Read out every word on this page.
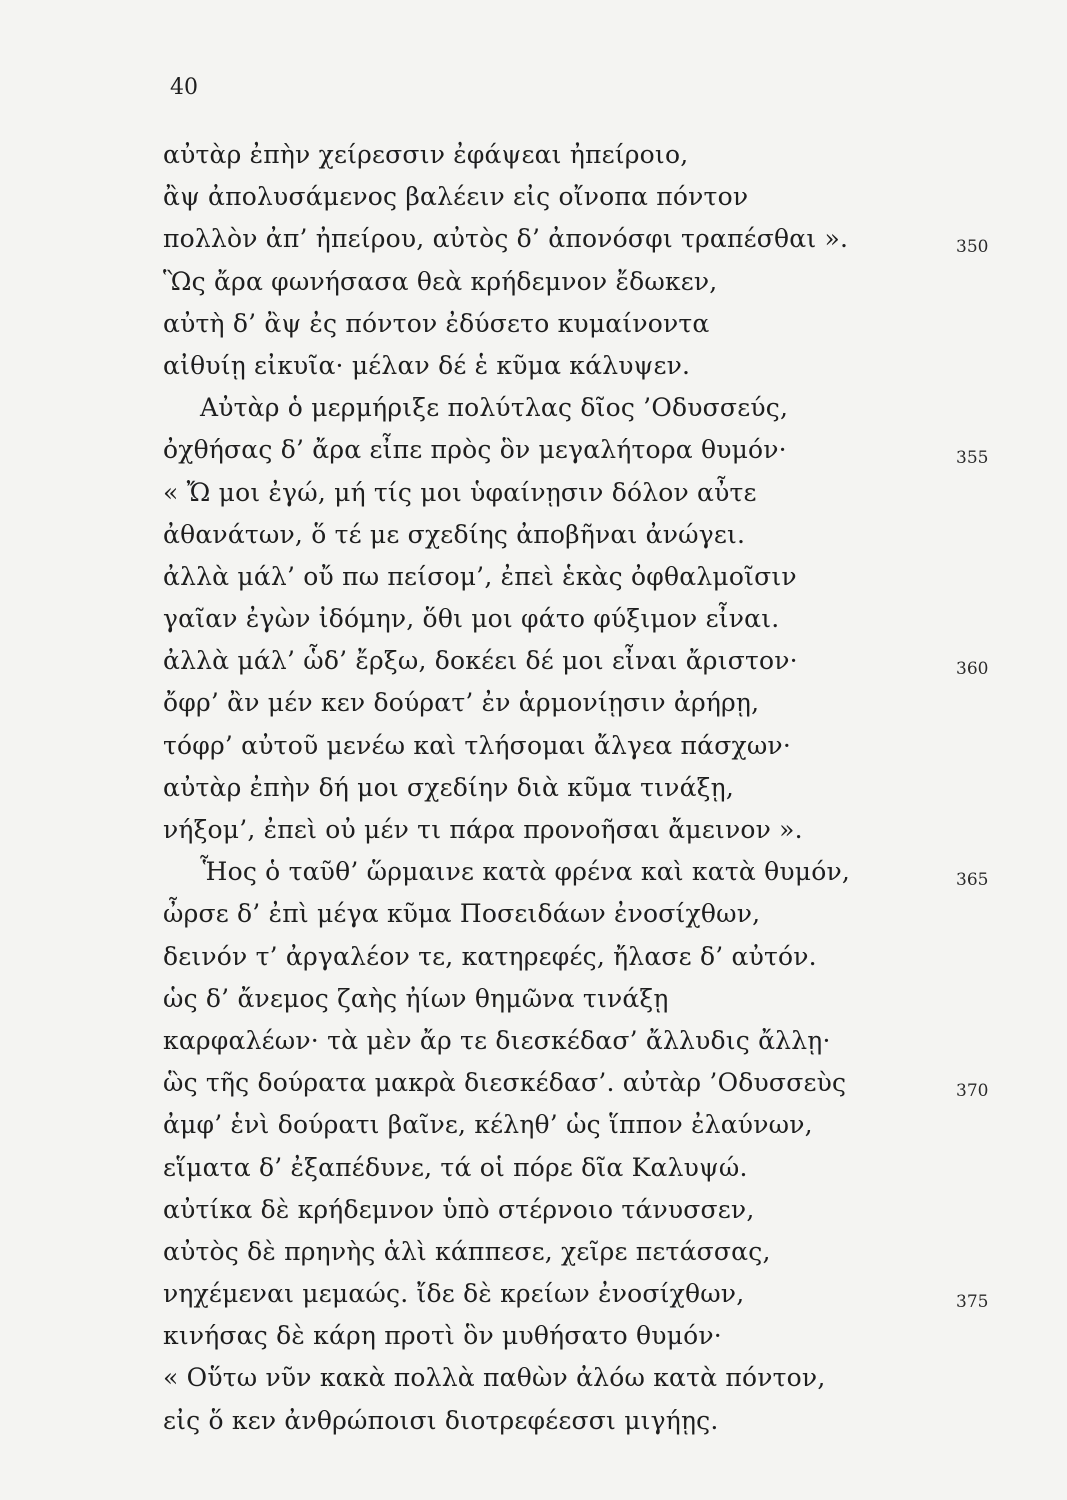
40
αὐτὰρ ἐπὴν χείρεσσιν ἐφάψεαι ἠπείροιο,
ἂψ ἀπολυσάμενος βαλέειν εἰς οἴνοπα πόντον
πολλὸν ἀπ’ ἠπείρου, αὐτὸς δ’ ἀπονόσφι τραπέσθαι ».	350
Ὣς ἄρα φωνήσασα θεὰ κρήδεμνον ἔδωκεν,
αὐτὴ δ’ ἂψ ἐς πόντον ἐδύσετο κυμαίνοντα
αἰθυίῃ εἰκυῖα· μέλαν δέ ἑ κῦμα κάλυψεν.
Αὐτὰρ ὁ μερμήριξε πολύτλας δῖος ’Οδυσσεύς,
ὀχθήσας δ’ ἄρα εἶπε πρὸς ὃν μεγαλήτορα θυμόν·	355
« Ὤ μοι ἐγώ, μή τίς μοι ὑφαίνῃσιν δόλον αὖτε
ἀθανάτων, ὅ τέ με σχεδίης ἀποβῆναι ἀνώγει.
ἀλλὰ μάλ’ οὔ πω πείσομ’, ἐπεὶ ἑκὰς ὀφθαλμοῖσιν
γαῖαν ἐγὼν ἰδόμην, ὅθι μοι φάτο φύξιμον εἶναι.
ἀλλὰ μάλ’ ὧδ’ ἔρξω, δοκέει δέ μοι εἶναι ἄριστον·	360
ὄφρ’ ἂν μέν κεν δούρατ’ ἐν ἁρμονίῃσιν ἀρήρῃ,
τόφρ’ αὐτοῦ μενέω καὶ τλήσομαι ἄλγεα πάσχων·
αὐτὰρ ἐπὴν δή μοι σχεδίην διὰ κῦμα τινάξῃ,
νήξομ’, ἐπεὶ οὐ μέν τι πάρα προνοῆσαι ἄμεινον ».
Ἧος ὁ ταῦθ’ ὥρμαινε κατὰ φρένα καὶ κατὰ θυμόν,	365
ὦρσε δ’ ἐπὶ μέγα κῦμα Ποσειδάων ἐνοσίχθων,
δεινόν τ’ ἀργαλέον τε, κατηρεφές, ἤλασε δ’ αὐτόν.
ὡς δ’ ἄνεμος ζαὴς ἠίων θημῶνα τινάξῃ
καρφαλέων· τὰ μὲν ἄρ τε διεσκέδασ’ ἄλλυδις ἄλλῃ·
ὣς τῆς δούρατα μακρὰ διεσκέδασ’. αὐτὰρ ’Οδυσσεὺς	370
ἀμφ’ ἑνὶ δούρατι βαῖνε, κέληθ’ ὡς ἵππον ἐλαύνων,
εἵματα δ’ ἐξαπέδυνε, τά οἱ πόρε δῖα Καλυψώ.
αὐτίκα δὲ κρήδεμνον ὑπὸ στέρνοιο τάνυσσεν,
αὐτὸς δὲ πρηνὴς ἁλὶ κάππεσε, χεῖρε πετάσσας,
νηχέμεναι μεμαώς. ἴδε δὲ κρείων ἐνοσίχθων,	375
κινήσας δὲ κάρη προτὶ ὃν μυθήσατο θυμόν·
« Οὕτω νῦν κακὰ πολλὰ παθὼν ἀλόω κατὰ πόντον,
εἰς ὅ κεν ἀνθρώποισι διοτρεφέεσσι μιγήῃς.
